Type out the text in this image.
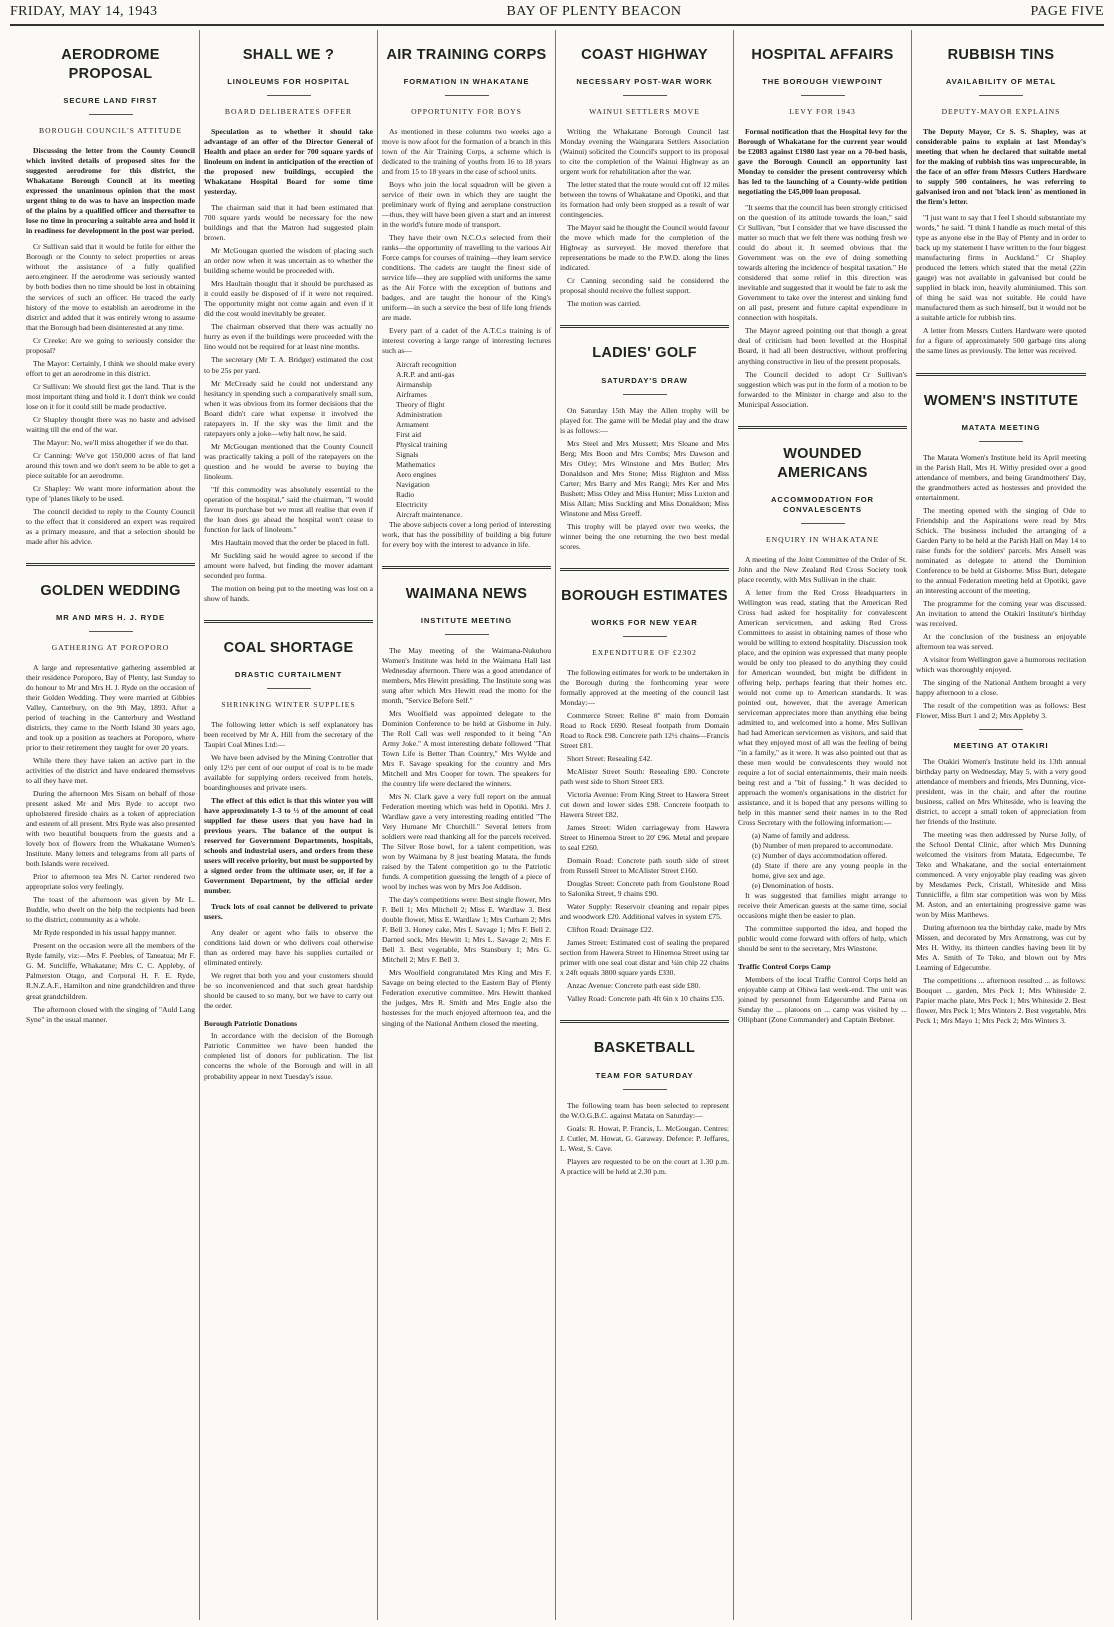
FRIDAY, MAY 14, 1943	BAY OF PLENTY BEACON	PAGE FIVE
AERODROME PROPOSAL
SECURE LAND FIRST
BOROUGH COUNCIL'S ATTITUDE

Discussing the letter from the County Council which invited details of proposed sites for the suggested aerodrome for this district, the Whakatane Borough Council at its meeting expressed the unanimous opinion that the most urgent thing to do was to have an inspection made of the plains by a qualified officer and thereafter to lose no time in procuring a suitable area and hold it in readiness for development in the post war period.

Cr Sullivan said that it would be futile for either the Borough or the County to select properties or areas without the assistance of a fully qualified aero.engineer. If the aerodrome was seriously wanted by both bodies then no time should be lost in obtaining the services of such an officer. He traced the early history of the move to establish an aerodrome in the district and added that it was entirely wrong to assume that the Borough had been disinterested at any time.

Cr Creeke: Are we going to seriously consider the proposal?

The Mayor: Certainly, I think we should make every effort to get an aerodrome in this district.

Cr Sullivan: We should first get the land. That is the most important thing and hold it. I don't think we could lose on it for it could still be made productive.

Cr Shapley thought there was no haste and advised waiting till the end of the war.

The Mayor: No, we'll miss altogether if we do that.

Cr Canning: We've got 150,000 acres of flat land around this town and we don't seem to be able to get a piece suitable for an aerodrome.

Cr Shapley: We want more information about the type of 'planes likely to be used.

The council decided to reply to the County Council to the effect that it considered an expert was required as a primary measure, and that a selection should be made after his advice.

GOLDEN WEDDING
MR AND MRS H. J. RYDE
GATHERING AT POROPORO

A large and representative gathering assembled at their residence Poroporo, Bay of Plenty, last Sunday to do honour to Mr and Mrs H. J. Ryde on the occasion of their Golden Wedding. They were married at Gibbies Valley, Canterbury, on the 9th May, 1893. After a period of teaching in the Canterbury and Westland districts, they came to the North Island 30 years ago, and took up a position as teachers at Poroporo, where prior to their retirement they taught for over 20 years.

While there they have taken an active part in the activities of the district and have endeared themselves to all they have met.

During the afternoon Mrs Sisam on behalf of those present asked Mr and Mrs Ryde to accept two upholstered fireside chairs as a token of appreciation and esteem of all present. Mrs Ryde was also presented with two beautiful bouquets from the guests and a lovely box of flowers from the Whakatane Women's Institute. Many letters and telegrams from all parts of both Islands were received.

Prior to afternoon tea Mrs N. Carter rendered two appropriate solos very feelingly.

The toast of the afternoon was given by Mr L. Buddle, who dwelt on the help the recipients had been to the district, community as a whole.

Mr Ryde responded in his usual happy manner.

Present on the occasion were all the members of the Ryde family, viz:—Mrs F. Peebles, of Taneatua; Mr F. G. M. Sutcliffe, Whakatane; Mrs C. C. Appleby, of Palmerston Otago, and Corporal H. F. E. Ryde, R.N.Z.A.F., Hamilton and nine grandchildren and three great grandchildren.

The afternoon closed with the singing of "Auld Lang Syne" in the usual manner.

SHALL WE ?
LINOLEUMS FOR HOSPITAL
BOARD DELIBERATES OFFER

Speculation as to whether it should take advantage of an offer of the Director General of Health and place an order for 700 square yards of linoleum on indent in anticipation of the erection of the proposed new buildings, occupied the Whakatane Hospital Board for some time yesterday.

The chairman said that it had been estimated that 700 square yards would be necessary for the new buildings and that the Matron had suggested plain brown.

Mr McGougan queried the wisdom of placing such an order now when it was uncertain as to whether the building scheme would be proceeded with.

Mrs Haultain thought that it should be purchased as it could easily be disposed of if it were not required. The opportunity might not come again and even if it did the cost would inevitably be greater.

The chairman observed that there was actually no hurry as even if the buildings were proceeded with the lino would not be required for at least nine months.

The secretary (Mr T. A. Bridger) estimated the cost to be 25s per yard.

Mr McCready said he could not understand any hesitancy in spending such a comparatively small sum, when it was obvious from its former decisions that the Board didn't care what expense it involved the ratepayers in. If the sky was the limit and the ratepayers only a joke—why halt now, he said.

Mr McGougan mentioned that the County Council was practically taking a poll of the ratepayers on the question and he would be averse to buying the linoleum.

"If this commodity was absolutely essential to the operation of the hospital," said the chairman, "I would favour its purchase but we must all realise that even if the loan does go ahead the hospital won't cease to function for lack of linoleum."

Mrs Haultain moved that the order be placed in full.

Mr Suckling said he would agree to second if the amount were halved, but finding the mover adamant seconded pro forma.

The motion on being put to the meeting was lost on a show of hands.

COAL SHORTAGE
DRASTIC CURTAILMENT
SHRINKING WINTER SUPPLIES

The following letter which is self explanatory has been received by Mr A. Hill from the secretary of the Taupiri Coal Mines Ltd:—

We have been advised by the Mining Controller that only 12½ per cent of our output of coal is to be made available for supplying orders received from hotels, boardinghouses and private users.

The effect of this edict is that this winter you will have approximately 1-3 to ½ of the amount of coal supplied for these users that you have had in previous years. The balance of the output is reserved for Government Departments, hospitals, schools and industrial users, and orders from these users will receive priority, but must be supported by a signed order from the ultimate user, or, if for a Government Department, by the official order number.

Truck lots of coal cannot be delivered to private users.

Any dealer or agent who fails to observe the conditions laid down or who delivers coal otherwise than as ordered may have his supplies curtailed or eliminated entirely.

We regret that both you and your customers should be so inconvenienced and that such great hardship should be caused to so many, but we have to carry out the order.

Borough Patriotic Donations

In accordance with the decision of the Borough Patriotic Committee we have been handed the completed list of donors for publication. The list concerns the whole of the Borough and will in all probability appear in next Tuesday's issue.

AIR TRAINING CORPS
FORMATION IN WHAKATANE
OPPORTUNITY FOR BOYS

As mentioned in these columns two weeks ago a move is now afoot for the formation of a branch in this town of the Air Training Corps, a scheme which is dedicated to the training of youths from 16 to 18 years and from 15 to 18 years in the case of school units.

Boys who join the local squadron will be given a service of their own in which they are taught the preliminary work of flying and aeroplane construction—thus, they will have been given a start and an interest in the world's future mode of transport.

They have their own N.C.O.s selected from their ranks—the opportunity of travelling to the various Air Force camps for courses of training—they learn service conditions. The cadets are taught the finest side of service life—they are supplied with uniforms the same as the Air Force with the exception of buttons and badges, and are taught the honour of the King's uniform—in such a service the best of life long friends are made.

Every part of a cadet of the A.T.C.s training is of interest covering a large range of interesting lectures such as—

Aircraft recognition

A.R.P. and anti-gas

Airmanship

Airframes

Theory of flight

Administration

Armament

First aid

Physical training

Signals

Mathematics

Aero engines

Navigation

Radio

Electricity

Aircraft maintenance.

The above subjects cover a long period of interesting work, that has the possibility of building a big future for every boy with the interest to advance in life.

WAIMANA NEWS
INSTITUTE MEETING

The May meeting of the Waimana-Nukuhou Women's Institute was held in the Waimana Hall last Wednesday afternoon. There was a good attendance of members, Mrs Hewitt presiding. The Institute song was sung after which Mrs Hewitt read the motto for the month, "Service Before Self."

Mrs Woolfield was appointed delegate to the Dominion Conference to be held at Gisborne in July. The Roll Call was well responded to it being "An Army Joke." A most interesting debate followed "That Town Life is Better Than Country," Mrs Wylde and Mrs F. Savage speaking for the country and Mrs Mitchell and Mrs Cooper for town. The speakers for the country life were declared the winners.

Mrs N. Clark gave a very full report on the annual Federation meeting which was held in Opotiki. Mrs J. Wardlaw gave a very interesting reading entitled "The Very Humane Mr Churchill." Several letters from soldiers were read thanking all for the parcels received. The Silver Rose bowl, for a talent competition, was won by Waimana by 8 just beating Matata, the funds raised by the Talent competition go to the Patriotic funds. A competition guessing the length of a piece of wool by inches was won by Mrs Joe Addison.

The day's competitions were: Best single flower, Mrs F. Bell 1; Mrs Mitchell 2; Miss E. Wardlaw 3. Best double flower, Miss E. Wardlaw 1; Mrs Curham 2; Mrs F. Bell 3. Honey cake, Mrs I. Savage 1; Mrs F. Bell 2. Darned sock, Mrs Hewitt 1; Mrs L. Savage 2; Mrs F. Bell 3. Best vegetable, Mrs Stansbury 1; Mrs G. Mitchell 2; Mrs F. Bell 3.

Mrs Woolfield congratulated Mrs King and Mrs F. Savage on being elected to the Eastern Bay of Plenty Federation executive committee. Mrs Hewitt thanked the judges, Mrs R. Smith and Mrs Engle also the hostesses for the much enjoyed afternoon tea, and the singing of the National Anthem closed the meeting.

COAST HIGHWAY
NECESSARY POST-WAR WORK
WAINUI SETTLERS MOVE

Writing the Whakatane Borough Council last Monday evening the Waingarara Settlers Association (Wainui) solicited the Council's support to its proposal to cite the completion of the Wainui Highway as an urgent work for rehabilitation after the war.

The letter stated that the route would cut off 12 miles between the towns of Whakatane and Opotiki, and that its formation had only been stopped as a result of war contingencies.

The Mayor said he thought the Council would favour the move which made for the completion of the Highway as surveyed. He moved therefore that representations be made to the P.W.D. along the lines indicated.

Cr Canning seconding said he considered the proposal should receive the fullest support.

The motion was carried.

LADIES' GOLF
SATURDAY'S DRAW

On Saturday 15th May the Allen trophy will be played for. The game will be Medal play and the draw is as follows:—

Mrs Steel and Mrs Mussett; Mrs Sloane and Mrs Berg; Mrs Boon and Mrs Combs; Mrs Dawson and Mrs Otley; Mrs Winstone and Mrs Butler; Mrs Donaldson and Mrs Stone; Miss Righton and Miss Carter; Mrs Barry and Mrs Rangi; Mrs Ker and Mrs Bushett; Miss Otley and Miss Hunter; Miss Luxton and Miss Allan; Miss Suckling and Miss Donaldson; Miss Winstone and Miss Greeff.

This trophy will be played over two weeks, the winner being the one returning the two best medal scores.

BOROUGH ESTIMATES
WORKS FOR NEW YEAR
EXPENDITURE OF £2302

The following estimates for work to be undertaken in the Borough during the forthcoming year were formally approved at the meeting of the council last Monday:—

Commerce Street: Reline 8" main from Domain Road to Rock £690. Reseal footpath from Domain Road to Rock £98. Concrete path 12½ chains—Francis Street £81.

Short Street: Resealing £42.

McAlister Street South: Resealing £80. Concrete path west side to Short Street £83.

Victoria Avenue: From King Street to Hawera Street cut down and lower sides £98. Concrete footpath to Hawera Street £82.

James Street: Widen carriageway from Hawera Street to Hinemoa Street to 20' £96. Metal and prepare to seal £260.

Domain Road: Concrete path south side of street from Russell Street to McAlister Street £160.

Douglas Street: Concrete path from Goulstone Road to Salonika Street, 9 chains £90.

Water Supply: Reservoir cleaning and repair pipes and woodwork £20. Additional valves in system £75.

Clifton Road: Drainage £22.

James Street: Estimated cost of sealing the prepared section from Hawera Street to Hinemoa Street using tar primer with one seal coat distar and ¼in chip 22 chains x 24ft equals 3800 square yards £330.

Anzac Avenue: Concrete path east side £80.

Valley Road: Concrete path 4ft 6in x 10 chains £35.

BASKETBALL
TEAM FOR SATURDAY

The following team has been selected to represent the W.O.G.B.C. against Matata on Saturday:—

Goals: R. Howat, P. Francis, L. McGougan. Centres: J. Cutler, M. Howat, G. Garaway. Defence: P. Jeffares, L. West, S. Cave.

Players are requested to be on the court at 1.30 p.m. A practice will be held at 2.30 p.m.

HOSPITAL AFFAIRS
THE BOROUGH VIEWPOINT
LEVY FOR 1943

Formal notification that the Hospital levy for the Borough of Whakatane for the current year would be £2083 against £1980 last year on a 70-bed basis, gave the Borough Council an opportunity last Monday to consider the present controversy which has led to the launching of a County-wide petition negotiating the £45,000 loan proposal.

"It seems that the council has been strongly criticised on the question of its attitude towards the loan," said Cr Sullivan, "but I consider that we have discussed the matter so much that we felt there was nothing fresh we could do about it. It seemed obvious that the Government was on the eve of doing something towards altering the incidence of hospital taxation." He considered that some relief in this direction was inevitable and suggested that it would be fair to ask the Government to take over the interest and sinking fund on all past, present and future capital expenditure in connection with hospitals.

The Mayor agreed pointing out that though a great deal of criticism had been levelled at the Hospital Board, it had all been destructive, without proffering anything constructive in lieu of the present proposals.

The Council decided to adopt Cr Sullivan's suggestion which was put in the form of a motion to be forwarded to the Minister in charge and also to the Municipal Association.

WOUNDED AMERICANS
ACCOMMODATION FOR CONVALESCENTS
ENQUIRY IN WHAKATANE

A meeting of the Joint Committee of the Order of St. John and the New Zealand Red Cross Society took place recently, with Mrs Sullivan in the chair.

A letter from the Red Cross Headquarters in Wellington was read, stating that the American Red Cross had asked for hospitality for convalescent American servicemen, and asking Red Cross Committees to assist in obtaining names of those who would be willing to extend hospitality. Discussion took place, and the opinion was expressed that many people would be only too pleased to do anything they could for American wounded, but might be diffident in offering help, perhaps fearing that their homes etc. would not come up to American standards. It was pointed out, however, that the average American serviceman appreciates more than anything else being admitted to, and welcomed into a home. Mrs Sullivan had had American servicemen as visitors, and said that what they enjoyed most of all was the feeling of being "in a family," as it were. It was also pointed out that as these men would be convalescents they would not require a lot of social entertainments, their main needs being rest and a "bit of fussing." It was decided to approach the women's organisations in the district for assistance, and it is hoped that any persons willing to help in this manner send their names in to the Red Cross Secretary with the following information:—

(a) Name of family and address.

(b) Number of men prepared to accommodate.

(c) Number of days accommodation offered.

(d) State if there are any young people in the home, give sex and age.

(e) Denomination of hosts.

It was suggested that families might arrange to receive their American guests at the same time, social occasions might then be easier to plan.

The committee supported the idea, and hoped the public would come forward with offers of help, which should be sent to the secretary, Mrs Winstone.

Traffic Control Corps Camp

Members of the local Traffic Control Corps held an enjoyable camp at Ohiwa last week-end. The unit was joined by personnel from Edgecumbe and Paroa on Sunday the ... platoons on ... camp was visited by ... Olliphant (Zone Commander) and Captain Brebner.

RUBBISH TINS
AVAILABILITY OF METAL
DEPUTY-MAYOR EXPLAINS

The Deputy Mayor, Cr S. S. Shapley, was at considerable pains to explain at last Monday's meeting that when he declared that suitable metal for the making of rubbish tins was unprocurable, in the face of an offer from Messrs Cutlers Hardware to supply 500 containers, he was referring to galvanised iron and not 'black iron' as mentioned in the firm's letter.

"I just want to say that I feel I should substantiate my words," he said. "I think I handle as much metal of this type as anyone else in the Bay of Plenty and in order to back up my statement I have written to the four biggest manufacturing firms in Auckland." Cr Shapley produced the letters which stated that the metal (22in gauge) was not available in galvanised but could be supplied in black iron, heavily aluminiumed. This sort of thing he said was not suitable. He could have manufactured them as such himself, but it would not be a suitable article for rubbish tins.

A letter from Messrs Cutlers Hardware were quoted for a figure of approximately 500 garbage tins along the same lines as previously. The letter was received.

WOMEN'S INSTITUTE
MATATA MEETING

The Matata Women's Institute held its April meeting in the Parish Hall, Mrs H. Withy presided over a good attendance of members, and being Grandmothers' Day, the grandmothers acted as hostesses and provided the entertainment.

The meeting opened with the singing of Ode to Friendship and the Aspirations were read by Mrs Schick. The business included the arranging of a Garden Party to be held at the Parish Hall on May 14 to raise funds for the soldiers' parcels. Mrs Ansell was nominated as delegate to attend the Dominion Conference to be held at Gisborne. Miss Burt, delegate to the annual Federation meeting held at Opotiki, gave an interesting account of the meeting.

The programme for the coming year was discussed. An invitation to attend the Otakiri Institute's birthday was received.

At the conclusion of the business an enjoyable afternoon tea was served.

A visitor from Wellington gave a humorous recitation which was thoroughly enjoyed.

The singing of the National Anthem brought a very happy afternoon to a close.

The result of the competition was as follows: Best Flower, Miss Burt 1 and 2; Mrs Appleby 3.

MEETING AT OTAKIRI

The Otakiri Women's Institute held its 13th annual birthday party on Wednesday, May 5, with a very good attendance of members and friends, Mrs Dunning, vice-president, was in the chair, and after the routine business, called on Mrs Whiteside, who is leaving the district, to accept a small token of appreciation from her friends of the Institute.

The meeting was then addressed by Nurse Jolly, of the School Dental Clinic, after which Mrs Dunning welcomed the visitors from Matata, Edgecumbe, Te Teko and Whakatane, and the social entertainment commenced. A very enjoyable play reading was given by Mesdames Peck, Cristall, Whiteside and Miss Tunnicliffe, a film star competition was won by Miss M. Aston, and an entertaining progressive game was won by Miss Matthews.

During afternoon tea the birthday cake, made by Mrs Missen, and decorated by Mrs Armstrong, was cut by Mrs H. Withy, its thirteen candles having been lit by Mrs A. Smith of Te Teko, and blown out by Mrs Leaming of Edgecumbe.

The competitions ... afternoon resulted ... as follows: Bouquet ... garden, Mrs Peck 1; Mrs Whiteside 2. Papier mache plate, Mrs Peck 1; Mrs Whiteside 2. Best flower, Mrs Peck 1; Mrs Winters 2. Best vegetable, Mrs Peck 1; Mrs Mayo 1; Mrs Peck 2; Mrs Winters 3.
